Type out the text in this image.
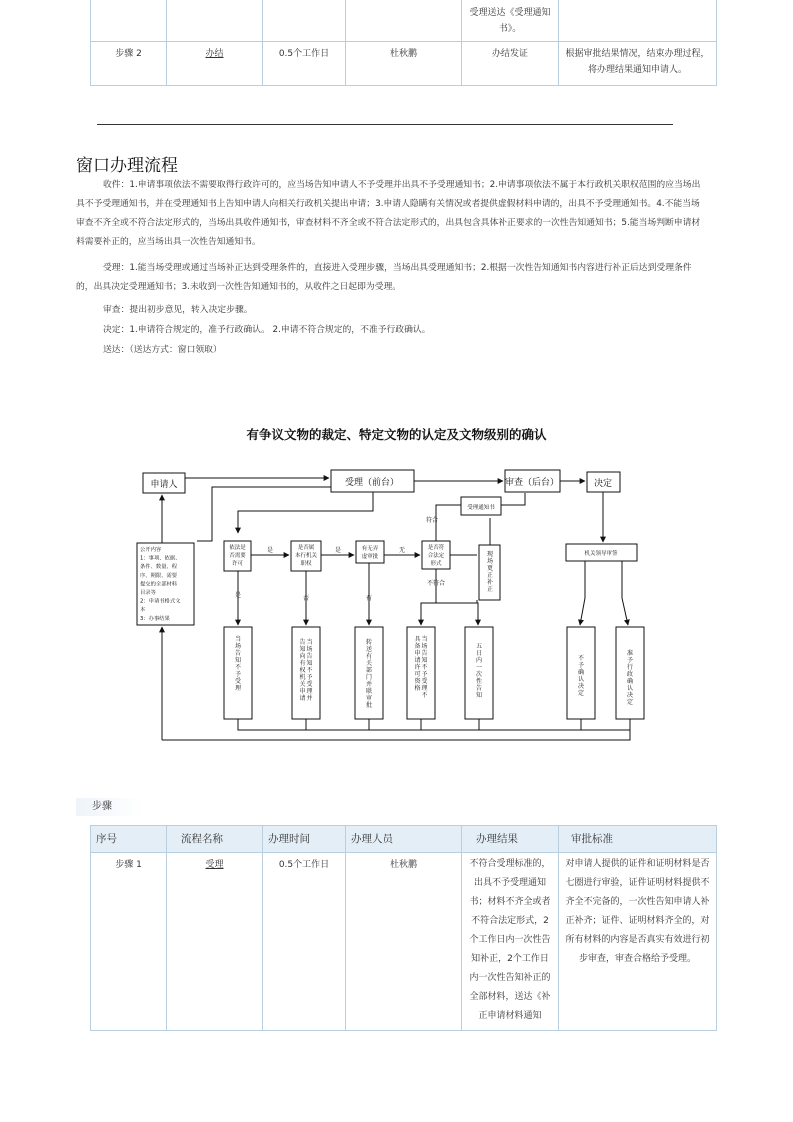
				受理送达《受理通知书》。	
步骤 2	办结	0.5个工作日	杜秋鹏	办结发证	根据审批结果情况，结束办理过程，将办理结果通知申请人。
窗口办理流程
收件：1.申请事项依法不需要取得行政许可的，应当场告知申请人不予受理并出具不予受理通知书；2.申请事项依法不属于本行政机关职权范围的应当场出具不予受理通知书，并在受理通知书上告知申请人向相关行政机关提出申请；3.申请人隐瞒有关情况或者提供虚假材料申请的，出具不予受理通知书。4.不能当场审查不齐全或不符合法定形式的，当场出具收件通知书，审查材料不齐全或不符合法定形式的，出具包含具体补正要求的一次性告知通知书；5.能当场判断申请材料需要补正的，应当场出具一次性告知通知书。
受理：1.能当场受理或通过当场补正达到受理条件的，直接进入受理步骤，当场出具受理通知书；2.根据一次性告知通知书内容进行补正后达到受理条件的，出具决定受理通知书；3.未收到一次性告知通知书的，从收件之日起即为受理。
审查：提出初步意见，转入决定步骤。
决定：1.申请符合规定的，准予行政确认。 2.申请不符合规定的，不准予行政确认。
送达：（送达方式：窗口领取）
有争议文物的裁定、特定文物的认定及文物级别的确认
申请人	受理（前台）	审查（后台）	决定
受理通知书
机关领导审签
公开内容
1：事项、依据、
条件、数量、程
序、期限、需要
提交的全部材料
目录等
2：申请书格式文
本
3：办事结果
依法是
否需要
许可
是否属
本行机关
职权
有无弄
虚审批
是否符
合法定
形式
当场告知不予受理
当场告知不予受理并告知向有权机关申请
转送有关部门并联审批
当场告知不予受理不具备申请许可资格
五日内一次性告知
不予确认决定
准予行政确认决定
现场更正补正
是	是	无
是	否	有
符合
不符合
步骤
序号	流程名称	办理时间	办理人员	办理结果	审批标准
步骤 1	受理	0.5个工作日	杜秋鹏	不符合受理标准的，出具不予受理通知书；材料不齐全或者不符合法定形式，2个工作日内一次性告知补正，2个工作日内一次性告知补正的全部材料，送达《补正申请材料通知	对申请人提供的证件和证明材料是否七圈进行审验，证件证明材料提供不齐全不完备的，一次性告知申请人补正补齐；证件、证明材料齐全的，对所有材料的内容是否真实有效进行初步审查，审查合格给予受理。
